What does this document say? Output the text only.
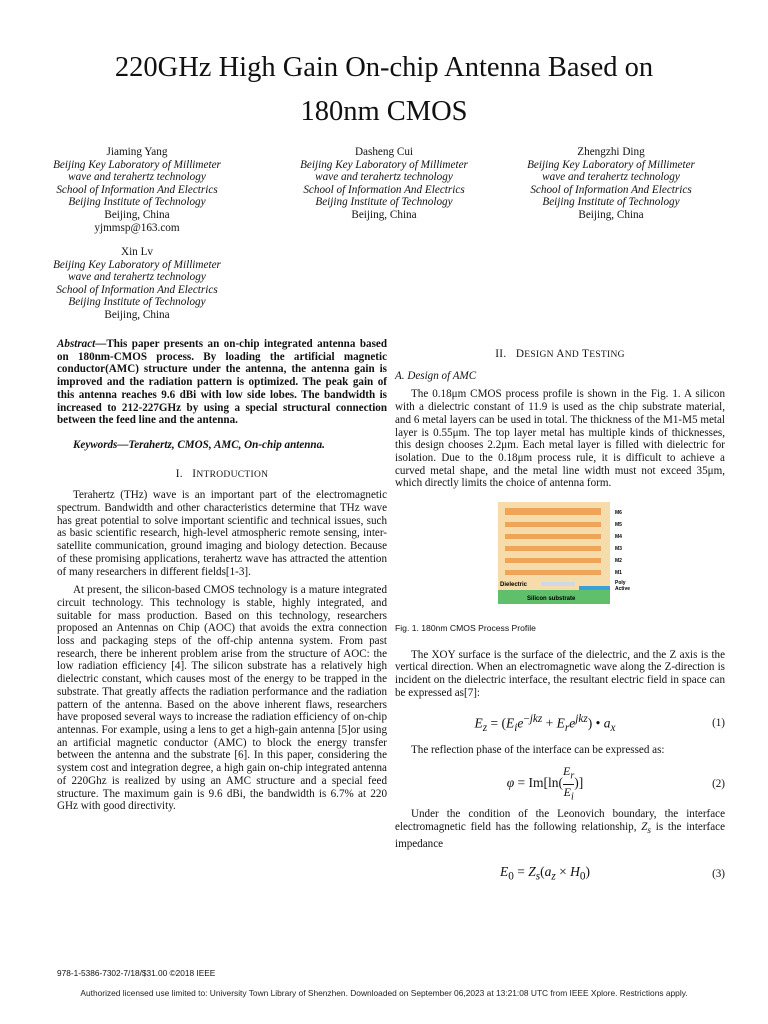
220GHz High Gain On-chip Antenna Based on
180nm CMOS
Jiaming Yang
Beijing Key Laboratory of Millimeter
wave and terahertz technology
School of Information And Electrics
Beijing Institute of Technology
Beijing, China
yjmmsp@163.com
Dasheng Cui
Beijing Key Laboratory of Millimeter
wave and terahertz technology
School of Information And Electrics
Beijing Institute of Technology
Beijing, China
Zhengzhi Ding
Beijing Key Laboratory of Millimeter
wave and terahertz technology
School of Information And Electrics
Beijing Institute of Technology
Beijing, China
Xin Lv
Beijing Key Laboratory of Millimeter
wave and terahertz technology
School of Information And Electrics
Beijing Institute of Technology
Beijing, China

Abstract—This paper presents an on-chip integrated antenna based on 180nm-CMOS process. By loading the artificial magnetic conductor(AMC) structure under the antenna, the antenna gain is improved and the radiation pattern is optimized. The peak gain of this antenna reaches 9.6 dBi with low side lobes. The bandwidth is increased to 212-227GHz by using a special structural connection between the feed line and the antenna.

Keywords—Terahertz, CMOS, AMC, On-chip antenna.

I. INTRODUCTION

Terahertz (THz) wave is an important part of the electromagnetic spectrum. Bandwidth and other characteristics determine that THz wave has great potential to solve important scientific and technical issues, such as basic scientific research, high-level atmospheric remote sensing, inter-satellite communication, ground imaging and biology detection. Because of these promising applications, terahertz wave has attracted the attention of many researchers in different fields[1-3].

At present, the silicon-based CMOS technology is a mature integrated circuit technology. This technology is stable, highly integrated, and suitable for mass production. Based on this technology, researchers proposed an Antennas on Chip (AOC) that avoids the extra connection loss and packaging steps of the off-chip antenna system. From past research, there be inherent problem arise from the structure of AOC: the low radiation efficiency [4]. The silicon substrate has a relatively high dielectric constant, which causes most of the energy to be trapped in the substrate. That greatly affects the radiation performance and the radiation pattern of the antenna. Based on the above inherent flaws, researchers have proposed several ways to increase the radiation efficiency of on-chip antennas. For example, using a lens to get a high-gain antenna [5]or using an artificial magnetic conductor (AMC) to block the energy transfer between the antenna and the substrate [6]. In this paper, considering the system cost and integration degree, a high gain on-chip integrated antenna of 220Ghz is realized by using an AMC structure and a special feed structure. The maximum gain is 9.6 dBi, the bandwidth is 6.7% at 220 GHz with good directivity.

II. DESIGN AND TESTING
A. Design of AMC

The 0.18μm CMOS process profile is shown in the Fig. 1. A silicon with a dielectric constant of 11.9 is used as the chip substrate material, and 6 metal layers can be used in total. The thickness of the M1-M5 metal layer is 0.55μm. The top layer metal has multiple kinds of thicknesses, this design chooses 2.2μm. Each metal layer is filled with dielectric for isolation. Due to the 0.18μm process rule, it is difficult to achieve a curved metal shape, and the metal line width must not exceed 35μm, which directly limits the choice of antenna form.

M6
M5
M4
M3
M2
M1
Poly
Active
Dielectric
Silicon substrate
Fig. 1. 180nm CMOS Process Profile

The XOY surface is the surface of the dielectric, and the Z axis is the vertical direction. When an electromagnetic wave along the Z-direction is incident on the dielectric interface, the resultant electric field in space can be expressed as[7]:

$E_z = (E_ie^{-jkz} + E_re^{jkz})$ • $a_x$	(1)

The reflection phase of the interface can be expressed as:

$\varphi = Im[\ln( \frac{E_r}{E_i}$ )]	(2)

Under the condition of the Leonovich boundary, the interface electromagnetic field has the following relationship, $Z_s$ is the interface impedance

$E_0 = Z_s(a_z \times H_0)$	(3)
978-1-5386-7302-7/18/$31.00 ©2018 IEEE
Authorized licensed use limited to: University Town Library of Shenzhen. Downloaded on September 06,2023 at 13:21:08 UTC from IEEE Xplore. Restrictions apply.
